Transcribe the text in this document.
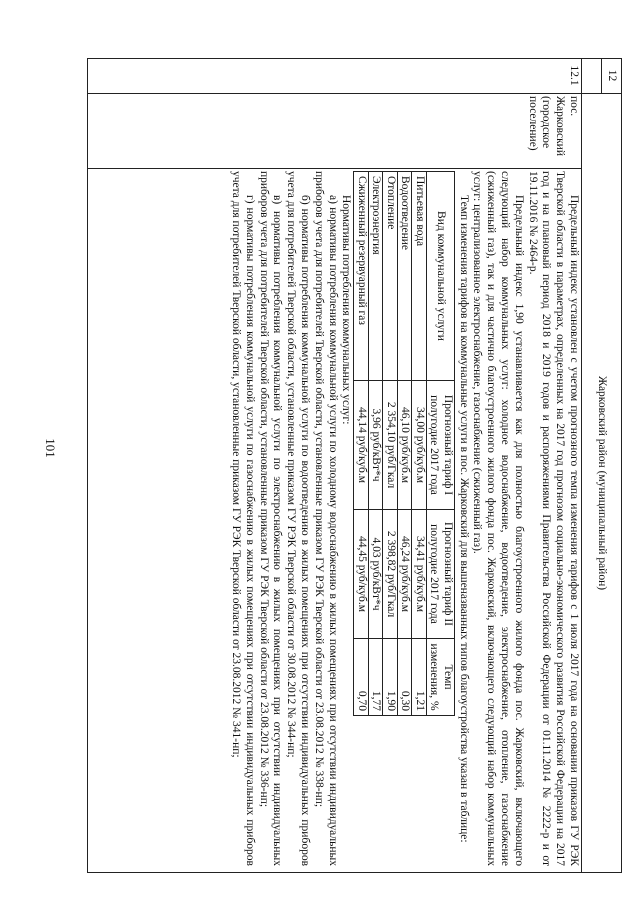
101
12
Жарковский район (муниципальный район)
12.1
пос. Жарковский (городское поселение)

Предельный индекс установлен с учетом прогнозного темпа изменения тарифов с 1 июля 2017 года на основании приказов ГУ РЭК Тверской области в параметрах, определенных на 2017 год прогнозом социально-экономического развития Российской Федерации на 2017 год и на плановый период 2018 и 2019 годов и распоряжениями Правительства Российской Федерации от 01.11.2014 № 2222-р и от 19.11.2016 № 2464-р.

Предельный индекс 1,90 устанавливается как для полностью благоустроенного жилого фонда пос. Жарковский, включающего следующий набор коммунальных услуг: холодное водоснабжение, водоотведение, электроснабжение, отопление, газоснабжение (сжиженный газ), так и для частично благоустроенного жилого фонда пос. Жарковский, включающего следующий набор коммунальных услуг: централизованное электроснабжение, газоснабжение (сжиженный газ).

Темп изменения тарифов на коммунальные услуги в пос. Жарковский для вышеназванных типов благоустройства указан в таблице:

Вид коммунальной услуги	Прогнозный тариф I полугодие 2017 года	Прогнозный тариф II полугодие 2017 года	Темп изменения, %
Питьевая вода	34,00 руб/куб.м	34,41 руб/куб.м	1,21
Водоотведение	46,10 руб/куб.м	46,24 руб/куб.м	0,30
Отопление	2 354,10 руб/Гкал	2 398,82 руб/Гкал	1,90
Электроэнергия	3,96 руб/кВт*ч	4,03 руб/кВт*ч	1,77
Сжиженный резервуарный газ	44,14 руб/куб.м	44,45 руб/куб.м	0,70

Нормативы потребления коммунальных услуг:

а) нормативы потребления коммунальной услуги по холодному водоснабжению в жилых помещениях при отсутствии индивидуальных приборов учета для потребителей Тверской области, установленные приказом ГУ РЭК Тверской области от 23.08.2012 № 338-нп;

б) нормативы потребления коммунальной услуги по водоотведению в жилых помещениях при отсутствии индивидуальных приборов учета для потребителей Тверской области, установленные приказом ГУ РЭК Тверской области от 30.08.2012 № 344-нп;

в) нормативы потребления коммунальной услуги по электроснабжению в жилых помещениях при отсутствии индивидуальных приборов учета для потребителей Тверской области, установленные приказом ГУ РЭК Тверской области от 23.08.2012 № 336-нп;

г) нормативы потребления коммунальной услуги по газоснабжению в жилых помещениях при отсутствии индивидуальных приборов учета для потребителей Тверской области, установленные приказом ГУ РЭК Тверской области от 23.08.2012 № 341-нп;
